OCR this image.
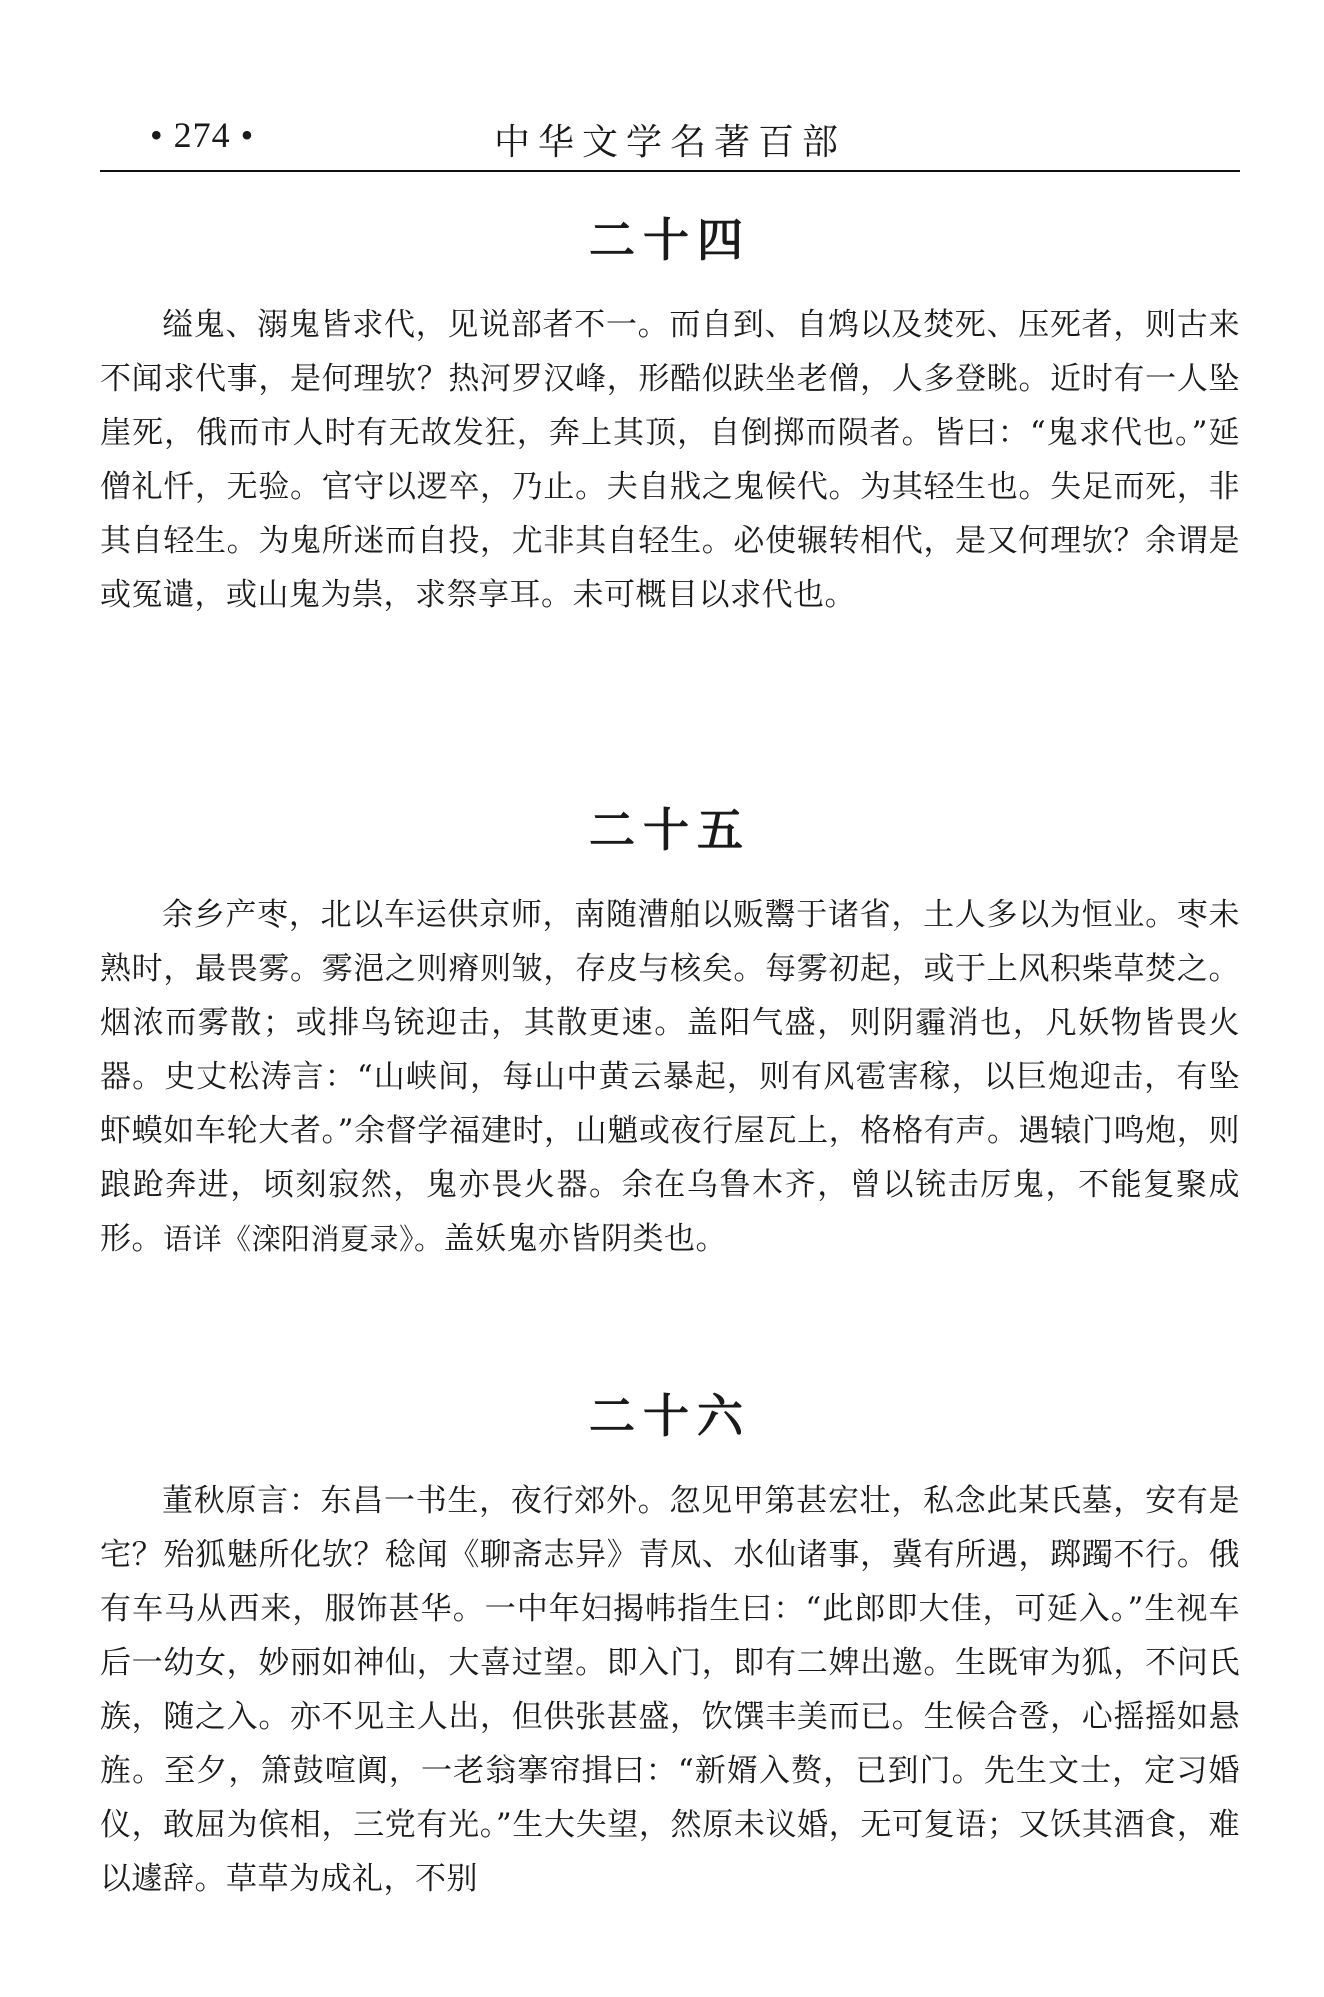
• 274 •	中华文学名著百部
二十四

缢鬼、溺鬼皆求代，见说部者不一。而自到、自鸩以及焚死、压死者，则古来不闻求代事，是何理欤？热河罗汉峰，形酷似趺坐老僧，人多登眺。近时有一人坠崖死，俄而市人时有无故发狂，奔上其顶，自倒掷而陨者。皆曰：“鬼求代也。”延僧礼忏，无验。官守以逻卒，乃止。夫自戕之鬼候代。为其轻生也。失足而死，非其自轻生。为鬼所迷而自投，尤非其自轻生。必使辗转相代，是又何理欤？余谓是或冤谴，或山鬼为祟，求祭享耳。未可概目以求代也。

二十五

余乡产枣，北以车运供京师，南随漕舶以贩鬻于诸省，土人多以为恒业。枣未熟时，最畏雾。雾浥之则瘠则皱，存皮与核矣。每雾初起，或于上风积柴草焚之。烟浓而雾散；或排鸟铳迎击，其散更速。盖阳气盛，则阴霾消也，凡妖物皆畏火器。史丈松涛言：“山峡间，每山中黄云暴起，则有风雹害稼，以巨炮迎击，有坠虾蟆如车轮大者。”余督学福建时，山魈或夜行屋瓦上，格格有声。遇辕门鸣炮，则踉跄奔进，顷刻寂然，鬼亦畏火器。余在乌鲁木齐，曾以铳击厉鬼，不能复聚成形。语详《滦阳消夏录》。盖妖鬼亦皆阴类也。

二十六

董秋原言：东昌一书生，夜行郊外。忽见甲第甚宏壮，私念此某氏墓，安有是宅？殆狐魅所化欤？稔闻《聊斋志异》青凤、水仙诸事，冀有所遇，踯躅不行。俄有车马从西来，服饰甚华。一中年妇揭帏指生曰：“此郎即大佳，可延入。”生视车后一幼女，妙丽如神仙，大喜过望。即入门，即有二婢出邀。生既审为狐，不问氏族，随之入。亦不见主人出，但供张甚盛，饮馔丰美而已。生候合卺，心摇摇如悬旌。至夕，箫鼓喧阗，一老翁搴帘揖曰：“新婿入赘，已到门。先生文士，定习婚仪，敢屈为傧相，三党有光。”生大失望，然原未议婚，无可复语；又饫其酒食，难以遽辞。草草为成礼，不别
